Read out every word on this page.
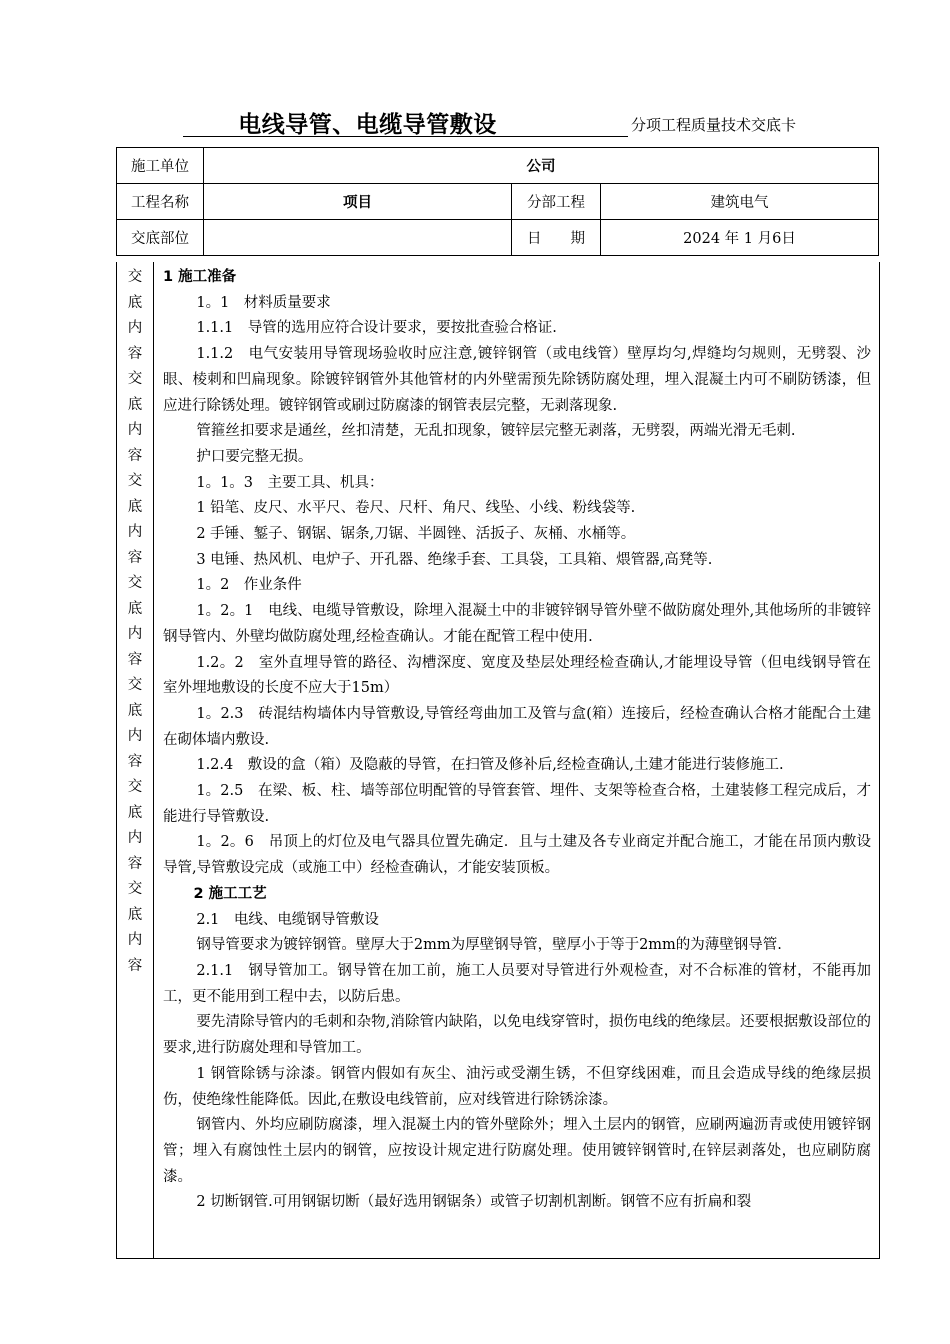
电线导管、电缆导管敷设	分项工程质量技术交底卡
施工单位	公司		
工程名称	项目	分部工程	建筑电气
交底部位		日　　期	2024 年 1 月6日
交
底
内
容
交
底
内
容
交
底
内
容
交
底
内
容
交
底
内
容
交
底
内
容
交
底
内
容

1 施工准备

1。1　材料质量要求

1.1.1　导管的选用应符合设计要求，要按批查验合格证.

1.1.2　电气安装用导管现场验收时应注意,镀锌钢管（或电线管）壁厚均匀,焊缝均匀规则，无劈裂、沙眼、棱刺和凹扁现象。除镀锌钢管外其他管材的内外壁需预先除锈防腐处理，埋入混凝土内可不刷防锈漆，但应进行除锈处理。镀锌钢管或刷过防腐漆的钢管表层完整，无剥落现象.

管箍丝扣要求是通丝，丝扣清楚，无乱扣现象，镀锌层完整无剥落，无劈裂，两端光滑无毛刺.

护口要完整无损。

1。1。3　主要工具、机具：

1 铅笔、皮尺、水平尺、卷尺、尺杆、角尺、线坠、小线、粉线袋等.

2 手锤、錾子、钢锯、锯条,刀锯、半圆锉、活扳子、灰桶、水桶等。

3 电锤、热风机、电炉子、开孔器、绝缘手套、工具袋，工具箱、煨管器,高凳等.

1。2　作业条件

1。2。1　电线、电缆导管敷设，除埋入混凝土中的非镀锌钢导管外壁不做防腐处理外,其他场所的非镀锌钢导管内、外壁均做防腐处理,经检查确认。才能在配管工程中使用.

1.2。2　室外直埋导管的路径、沟槽深度、宽度及垫层处理经检查确认,才能埋设导管（但电线钢导管在室外埋地敷设的长度不应大于15m）

1。2.3　砖混结构墙体内导管敷设,导管经弯曲加工及管与盒(箱）连接后，经检查确认合格才能配合土建在砌体墙内敷设.

1.2.4　敷设的盒（箱）及隐蔽的导管，在扫管及修补后,经检查确认,土建才能进行装修施工.

1。2.5　在梁、板、柱、墙等部位明配管的导管套管、埋件、支架等检查合格，土建装修工程完成后，才能进行导管敷设.

1。2。6　吊顶上的灯位及电气器具位置先确定．且与土建及各专业商定并配合施工，才能在吊顶内敷设导管,导管敷设完成（或施工中）经检查确认，才能安装顶板。

2 施工工艺

2.1　电线、电缆钢导管敷设

钢导管要求为镀锌钢管。壁厚大于2mm为厚壁钢导管，壁厚小于等于2mm的为薄壁钢导管.

2.1.1　钢导管加工。钢导管在加工前，施工人员要对导管进行外观检查，对不合标准的管材，不能再加工，更不能用到工程中去，以防后患。

要先清除导管内的毛刺和杂物,消除管内缺陷，以免电线穿管时，损伤电线的绝缘层。还要根据敷设部位的要求,进行防腐处理和导管加工。

1 钢管除锈与涂漆。钢管内假如有灰尘、油污或受潮生锈，不但穿线困难，而且会造成导线的绝缘层损伤，使绝缘性能降低。因此,在敷设电线管前，应对线管进行除锈涂漆。

钢管内、外均应刷防腐漆，埋入混凝土内的管外壁除外；埋入土层内的钢管，应刷两遍沥青或使用镀锌钢管；埋入有腐蚀性土层内的钢管，应按设计规定进行防腐处理。使用镀锌钢管时,在锌层剥落处，也应刷防腐漆。

2 切断钢管.可用钢锯切断（最好选用钢锯条）或管子切割机割断。钢管不应有折扁和裂
